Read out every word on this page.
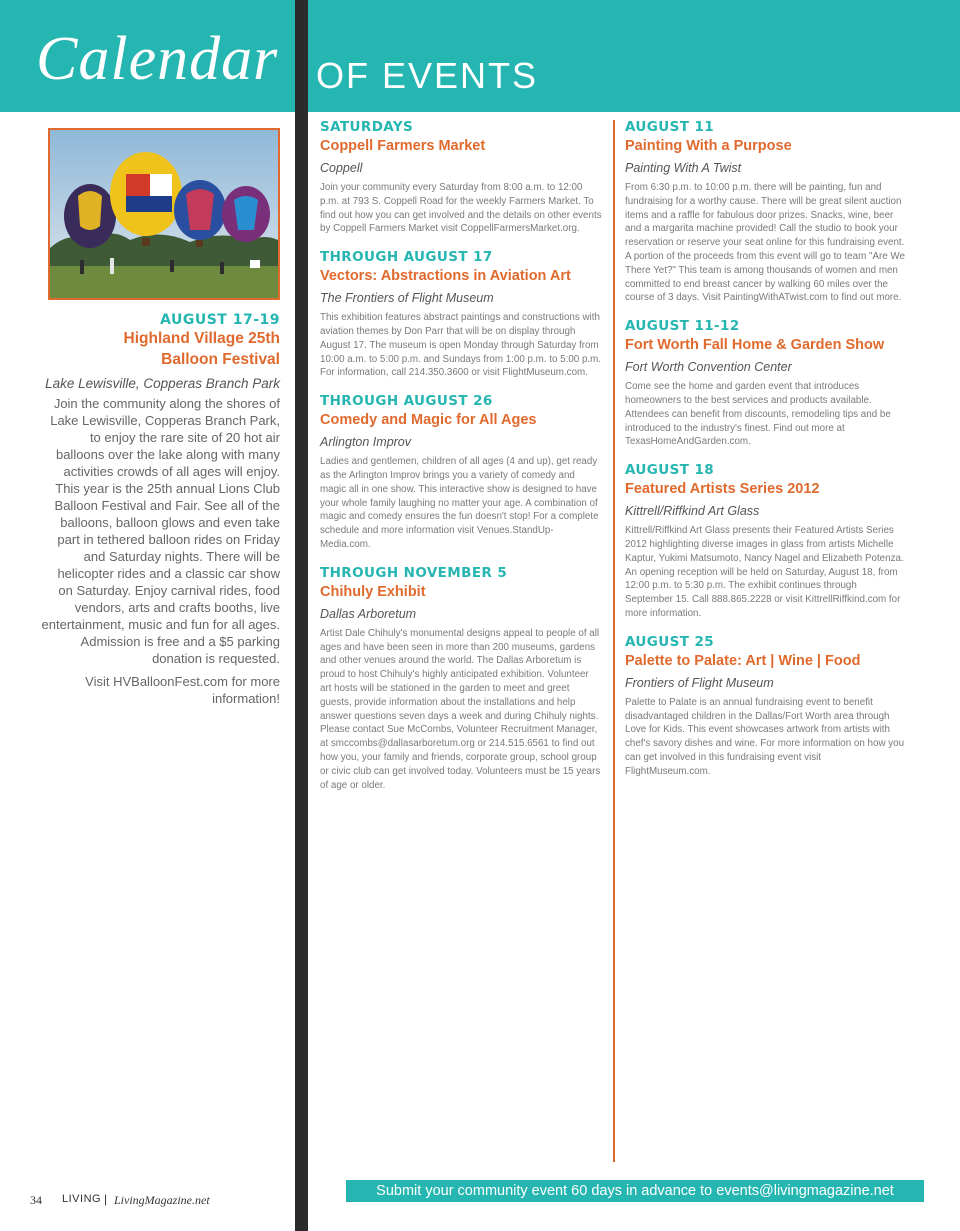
Calendar OF EVENTS
AUGUST 17-19
Highland Village 25th
Balloon Festival
Lake Lewisville, Copperas Branch Park
Join the community along the shores of Lake Lewisville, Copperas Branch Park, to enjoy the rare site of 20 hot air balloons over the lake along with many activities crowds of all ages will enjoy. This year is the 25th annual Lions Club Balloon Festival and Fair. See all of the balloons, balloon glows and even take part in tethered balloon rides on Friday and Saturday nights. There will be helicopter rides and a classic car show on Saturday. Enjoy carnival rides, food vendors, arts and crafts booths, live entertainment, music and fun for all ages. Admission is free and a $5 parking donation is requested.
Visit HVBalloonFest.com for more information!
SATURDAYS
Coppell Farmers Market
Coppell
Join your community every Saturday from 8:00 a.m. to 12:00 p.m. at 793 S. Coppell Road for the weekly Farmers Market. To find out how you can get involved and the details on other events by Coppell Farmers Market visit CoppellFarmersMarket.org.
THROUGH AUGUST 17
Vectors: Abstractions in Aviation Art
The Frontiers of Flight Museum
This exhibition features abstract paintings and constructions with aviation themes by Don Parr that will be on display through August 17. The museum is open Monday through Saturday from 10:00 a.m. to 5:00 p.m. and Sundays from 1:00 p.m. to 5:00 p.m. For information, call 214.350.3600 or visit FlightMuseum.com.
THROUGH AUGUST 26
Comedy and Magic for All Ages
Arlington Improv
Ladies and gentlemen, children of all ages (4 and up), get ready as the Arlington Improv brings you a variety of comedy and magic all in one show. This interactive show is designed to have your whole family laughing no matter your age. A combination of magic and comedy ensures the fun doesn't stop! For a complete schedule and more information visit Venues.StandUp-Media.com.
THROUGH NOVEMBER 5
Chihuly Exhibit
Dallas Arboretum
Artist Dale Chihuly's monumental designs appeal to people of all ages and have been seen in more than 200 museums, gardens and other venues around the world. The Dallas Arboretum is proud to host Chihuly's highly anticipated exhibition. Volunteer art hosts will be stationed in the garden to meet and greet guests, provide information about the installations and help answer questions seven days a week and during Chihuly nights. Please contact Sue McCombs, Volunteer Recruitment Manager, at smccombs@dallasarboretum.org or 214.515.6561 to find out how you, your family and friends, corporate group, school group or civic club can get involved today. Volunteers must be 15 years of age or older.
AUGUST 11
Painting With a Purpose
Painting With A Twist
From 6:30 p.m. to 10:00 p.m. there will be painting, fun and fundraising for a worthy cause. There will be great silent auction items and a raffle for fabulous door prizes. Snacks, wine, beer and a margarita machine provided! Call the studio to book your reservation or reserve your seat online for this fundraising event. A portion of the proceeds from this event will go to team "Are We There Yet?" This team is among thousands of women and men committed to end breast cancer by walking 60 miles over the course of 3 days. Visit PaintingWithATwist.com to find out more.
AUGUST 11-12
Fort Worth Fall Home & Garden Show
Fort Worth Convention Center
Come see the home and garden event that introduces homeowners to the best services and products available. Attendees can benefit from discounts, remodeling tips and be introduced to the industry's finest. Find out more at TexasHomeAndGarden.com.
AUGUST 18
Featured Artists Series 2012
Kittrell/Riffkind Art Glass
Kittrell/Riffkind Art Glass presents their Featured Artists Series 2012 highlighting diverse images in glass from artists Michelle Kaptur, Yukimi Matsumoto, Nancy Nagel and Elizabeth Potenza. An opening reception will be held on Saturday, August 18, from 12:00 p.m. to 5:30 p.m. The exhibit continues through September 15. Call 888.865.2228 or visit KittrellRiffkind.com for more information.
AUGUST 25
Palette to Palate: Art | Wine | Food
Frontiers of Flight Museum
Palette to Palate is an annual fundraising event to benefit disadvantaged children in the Dallas/Fort Worth area through Love for Kids. This event showcases artwork from artists with chef's savory dishes and wine. For more information on how you can get involved in this fundraising event visit FlightMuseum.com.
34 LIVING | LivingMagazine.net
Submit your community event 60 days in advance to events@livingmagazine.net
